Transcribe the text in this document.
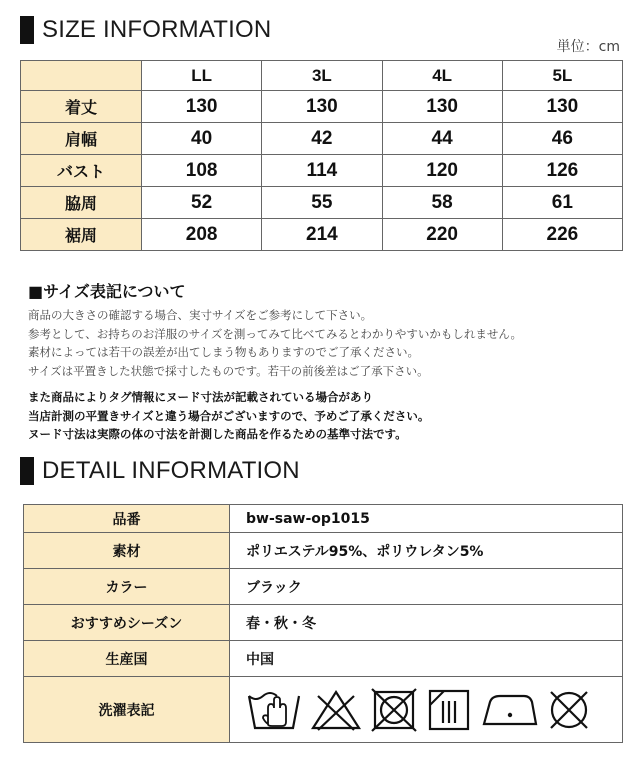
SIZE INFORMATION
単位：cm
	LL	3L	4L	5L
着丈	130	130	130	130
肩幅	40	42	44	46
バスト	108	114	120	126
脇周	52	55	58	61
裾周	208	214	220	226
■サイズ表記について
商品の大きさの確認する場合、実寸サイズをご参考にして下さい。
参考として、お持ちのお洋服のサイズを測ってみて比べてみるとわかりやすいかもしれません。
素材によっては若干の誤差が出てしまう物もありますのでご了承ください。
サイズは平置きした状態で採寸したものです。若干の前後差はご了承下さい。
また商品によりタグ情報にヌード寸法が記載されている場合があり
当店計測の平置きサイズと違う場合がございますので、予めご了承ください。
ヌード寸法は実際の体の寸法を計測した商品を作るための基準寸法です。
DETAIL INFORMATION
品番	bw-saw-op1015
素材	ポリエステル95%、ポリウレタン5%
カラー	ブラック
おすすめシーズン	春・秋・冬
生産国	中国
洗濯表記	
